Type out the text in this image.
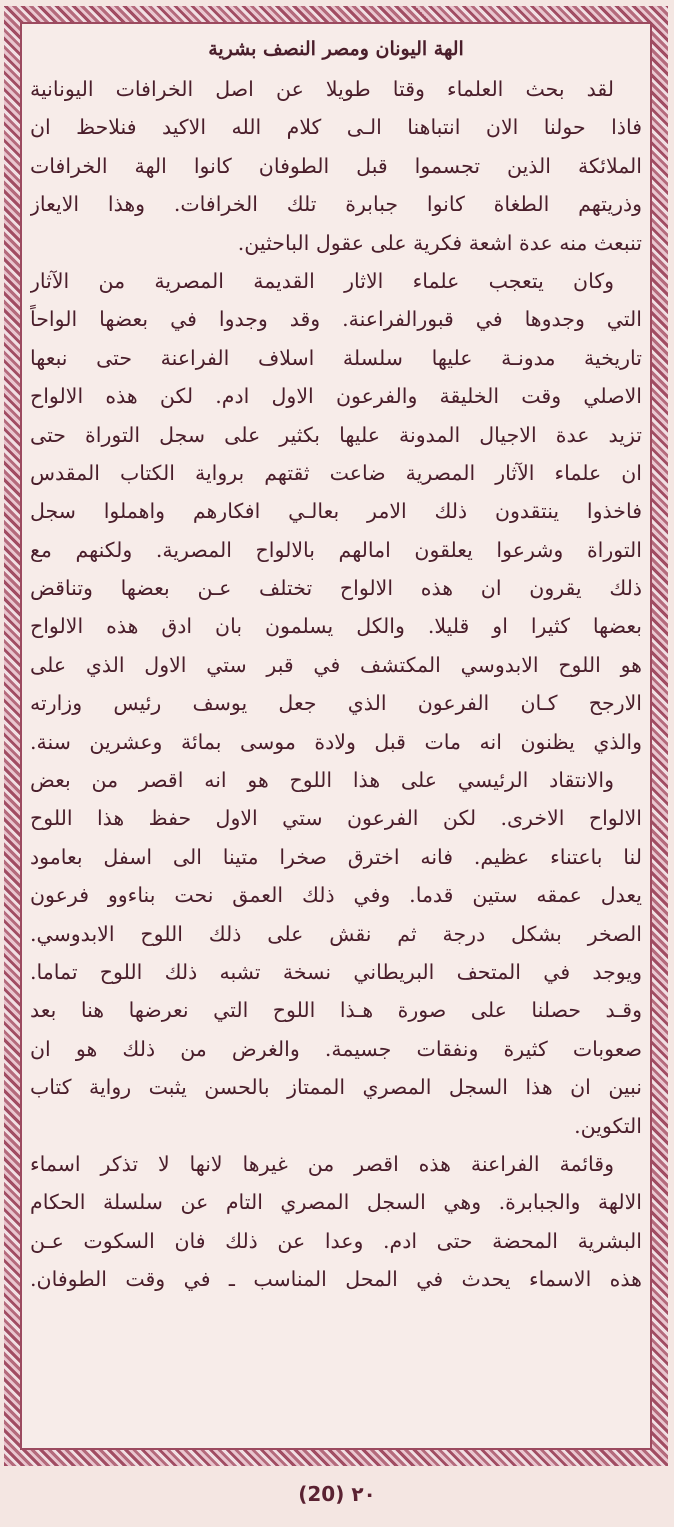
الهة اليونان ومصر النصف بشرية
لقد بحث العلماء وقتا طويلا عن اصل الخرافات اليونانية
فاذا حولنا الان انتباهنا الـى كلام الله الاكيد فنلاحظ ان
الملائكة الذين تجسموا قبل الطوفان كانوا الهة الخرافات
وذريتهم الطغاة كانوا جبابرة تلك الخرافات. وهذا الايعاز
تنبعث منه عدة اشعة فكرية على عقول الباحثين.
وكان يتعجب علماء الاثار القديمة المصرية من الآثار
التي وجدوها في قبورالفراعنة. وقد وجدوا في بعضها الواحاً
تاريخية مدونـة عليها سلسلة اسلاف الفراعنة حتى نبعها
الاصلي وقت الخليقة والفرعون الاول ادم. لكن هذه الالواح
تزيد عدة الاجيال المدونة عليها بكثير على سجل التوراة حتى
ان علماء الآثار المصرية ضاعت ثقتهم برواية الكتاب المقدس
فاخذوا ينتقدون ذلك الامر بعالـي افكارهم واهملوا سجل
التوراة وشرعوا يعلقون امالهم بالالواح المصرية. ولكنهم مع
ذلك يقرون ان هذه الالواح تختلف عـن بعضها وتناقض
بعضها كثيرا او قليلا. والكل يسلمون بان ادق هذه الالواح
هو اللوح الابدوسي المكتشف في قبر ستي الاول الذي على
الارجح كـان الفرعون الذي جعل يوسف رئيس وزارته
والذي يظنون انه مات قبل ولادة موسى بمائة وعشرين سنة.
والانتقاد الرئيسي على هذا اللوح هو انه اقصر من بعض
الالواح الاخرى. لكن الفرعون ستي الاول حفظ هذا اللوح
لنا باعتناء عظيم. فانه اخترق صخرا متينا الى اسفل بعامود
يعدل عمقه ستين قدما. وفي ذلك العمق نحت بناءوو فرعون
الصخر بشكل درجة ثم نقش على ذلك اللوح الابدوسي.
ويوجد في المتحف البريطاني نسخة تشبه ذلك اللوح تماما.
وقـد حصلنا على صورة هـذا اللوح التي نعرضها هنا بعد
صعوبات كثيرة ونفقات جسيمة. والغرض من ذلك هو ان
نبين ان هذا السجل المصري الممتاز بالحسن يثبت رواية كتاب
التكوين.
وقائمة الفراعنة هذه اقصر من غيرها لانها لا تذكر اسماء
الالهة والجبابرة. وهي السجل المصري التام عن سلسلة الحكام
البشرية المحضة حتى ادم. وعدا عن ذلك فان السكوت عـن
هذه الاسماء يحدث في المحل المناسب ـ في وقت الطوفان.
(20) ٢٠
